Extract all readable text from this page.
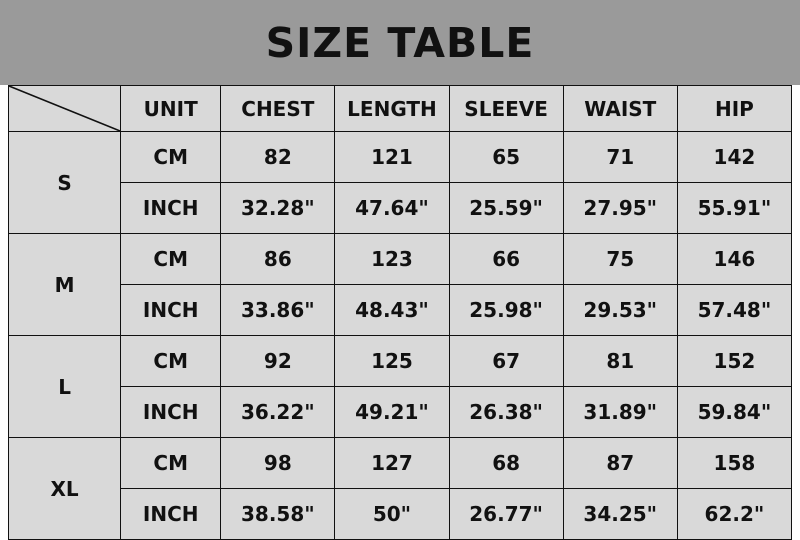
SIZE TABLE
	UNIT	CHEST	LENGTH	SLEEVE	WAIST	HIP
S	CM	82	121	65	71	142
	INCH	32.28"	47.64"	25.59"	27.95"	55.91"
M	CM	86	123	66	75	146
	INCH	33.86"	48.43"	25.98"	29.53"	57.48"
L	CM	92	125	67	81	152
	INCH	36.22"	49.21"	26.38"	31.89"	59.84"
XL	CM	98	127	68	87	158
	INCH	38.58"	50"	26.77"	34.25"	62.2"
